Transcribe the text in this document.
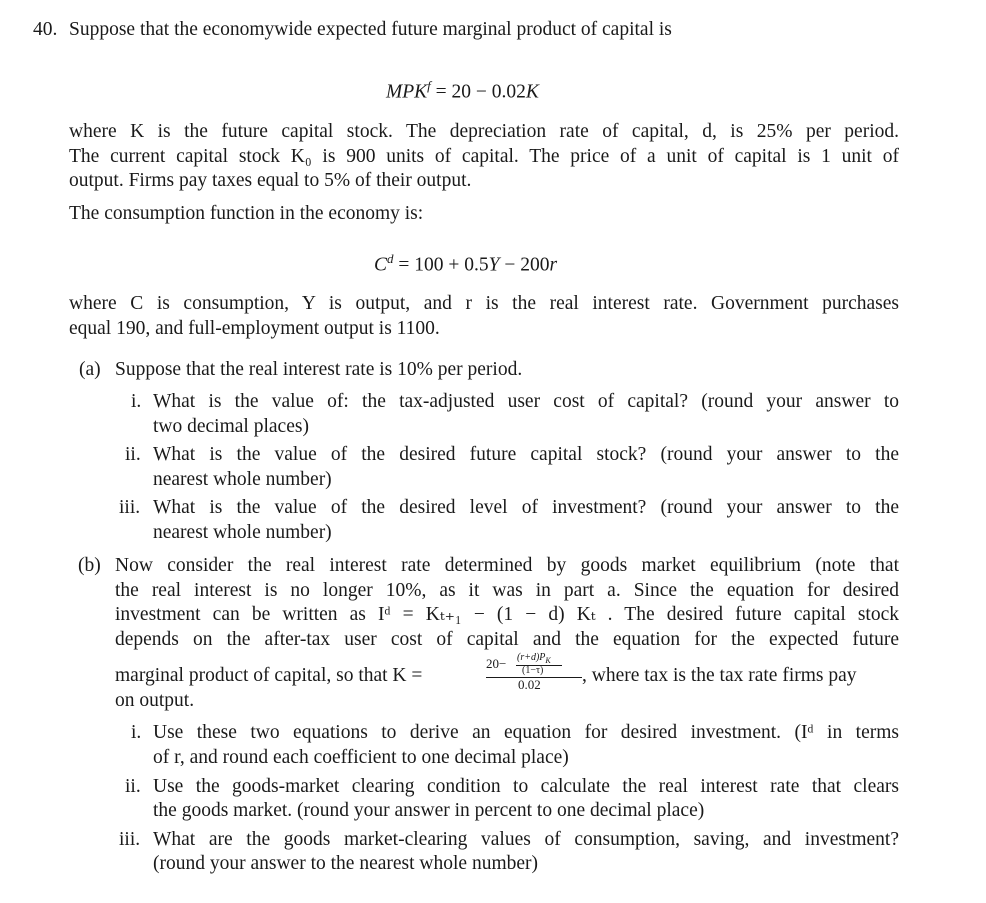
40. Suppose that the economywide expected future marginal product of capital is
$MPK^f = 20 - 0.02K$
where K is the future capital stock. The depreciation rate of capital, d, is 25% per period.
The current capital stock K₀ is 900 units of capital. The price of a unit of capital is 1 unit of
output. Firms pay taxes equal to 5% of their output.
The consumption function in the economy is:
$C^d = 100 + 0.5Y - 200r$
where C is consumption, Y is output, and r is the real interest rate. Government purchases
equal 190, and full-employment output is 1100.
(a) Suppose that the real interest rate is 10% per period.
i. What is the value of: the tax-adjusted user cost of capital? (round your answer to
two decimal places)
ii. What is the value of the desired future capital stock? (round your answer to the
nearest whole number)
iii. What is the value of the desired level of investment? (round your answer to the
nearest whole number)
(b) Now consider the real interest rate determined by goods market equilibrium (note that
the real interest is no longer 10%, as it was in part a. Since the equation for desired
investment can be written as Iᵈ = Kₜ₊₁ − (1 − d) Kₜ . The desired future capital stock
depends on the after-tax user cost of capital and the equation for the expected future
marginal product of capital, so that K =
$20- (r+d)P_K$
(1−τ)
0.02 , where tax is the tax rate firms pay
on output.
i. Use these two equations to derive an equation for desired investment. (Iᵈ in terms
of r, and round each coefficient to one decimal place)
ii. Use the goods-market clearing condition to calculate the real interest rate that clears
the goods market. (round your answer in percent to one decimal place)
iii. What are the goods market-clearing values of consumption, saving, and investment?
(round your answer to the nearest whole number)
